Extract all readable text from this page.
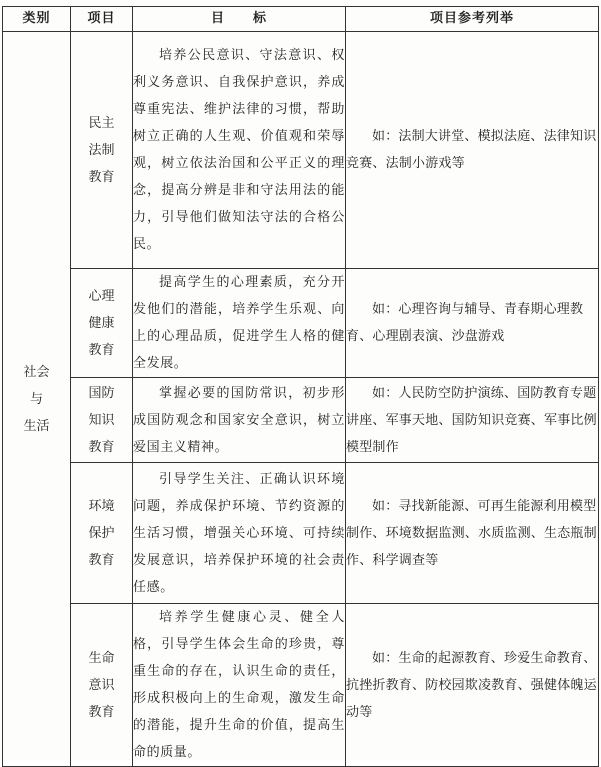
类别	项目	目 标	项目参考列举

社会
与
生活	民主
法制
教育	培养公民意识、守法意识、权利义务意识、自我保护意识，养成尊重宪法、维护法律的习惯，帮助树立正确的人生观、价值观和荣辱观，树立依法治国和公平正义的理念，提高分辨是非和守法用法的能力，引导他们做知法守法的合格公民。	如：法制大讲堂、模拟法庭、法律知识竞赛、法制小游戏等

	心理
健康
教育	提高学生的心理素质，充分开发他们的潜能，培养学生乐观、向上的心理品质，促进学生人格的健全发展。	如：心理咨询与辅导、青春期心理教育、心理剧表演、沙盘游戏

	国防
知识
教育	掌握必要的国防常识，初步形成国防观念和国家安全意识，树立爱国主义精神。	如：人民防空防护演练、国防教育专题讲座、军事天地、国防知识竞赛、军事比例模型制作

	环境
保护
教育	引导学生关注、正确认识环境问题，养成保护环境、节约资源的生活习惯，增强关心环境、可持续发展意识，培养保护环境的社会责任感。	如：寻找新能源、可再生能源利用模型制作、环境数据监测、水质监测、生态瓶制作、科学调查等

	生命
意识
教育	培养学生健康心灵、健全人格，引导学生体会生命的珍贵，尊重生命的存在，认识生命的责任，形成积极向上的生命观，激发生命的潜能，提升生命的价值，提高生命的质量。	如：生命的起源教育、珍爱生命教育、抗挫折教育、防校园欺凌教育、强健体魄运动等
